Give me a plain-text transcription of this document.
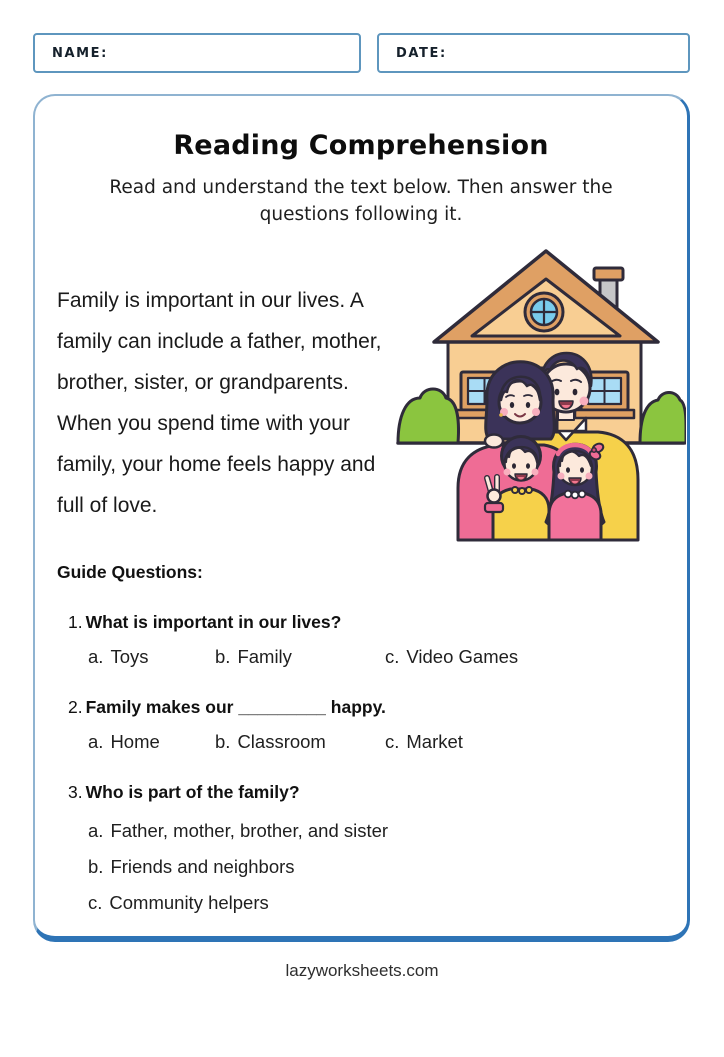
NAME:	DATE:
Reading Comprehension
Read and understand the text below. Then answer the
questions following it.
Family is important in our lives. A
family can include a father, mother,
brother, sister, or grandparents.
When you spend time with your
family, your home feels happy and
full of love.
Guide Questions:
1. What is important in our lives?
a. Toys	b. Family	c. Video Games
2. Family makes our _________ happy.
a. Home	b. Classroom	c. Market
3. Who is part of the family?
a. Father, mother, brother, and sister
b. Friends and neighbors
c. Community helpers
lazyworksheets.com
